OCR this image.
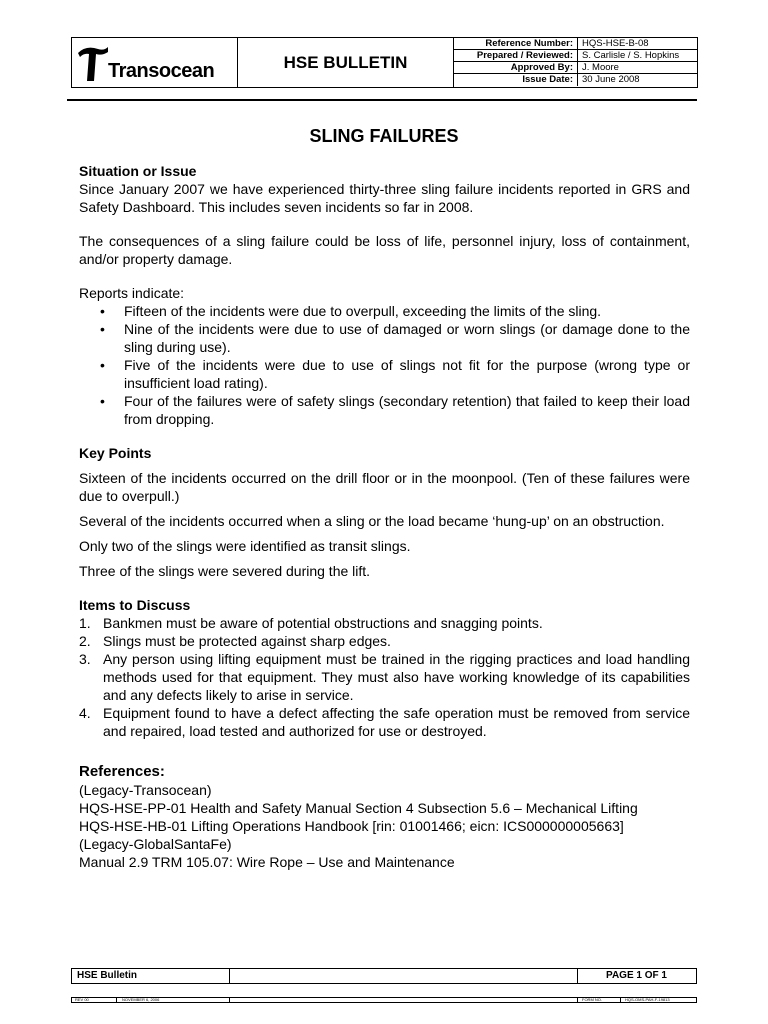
Transocean	HSE BULLETIN
Reference Number: HQS-HSE-B-08
Prepared / Reviewed: S. Carlisle / S. Hopkins
Approved By: J. Moore
Issue Date: 30 June 2008
SLING FAILURES

Situation or Issue

Since January 2007 we have experienced thirty-three sling failure incidents reported in GRS and Safety Dashboard. This includes seven incidents so far in 2008.

The consequences of a sling failure could be loss of life, personnel injury, loss of containment, and/or property damage.

Reports indicate:

• Fifteen of the incidents were due to overpull, exceeding the limits of the sling.
• Nine of the incidents were due to use of damaged or worn slings (or damage done to the sling during use).
• Five of the incidents were due to use of slings not fit for the purpose (wrong type or insufficient load rating).
• Four of the failures were of safety slings (secondary retention) that failed to keep their load from dropping.

Key Points

Sixteen of the incidents occurred on the drill floor or in the moonpool. (Ten of these failures were due to overpull.)

Several of the incidents occurred when a sling or the load became ‘hung-up’ on an obstruction.

Only two of the slings were identified as transit slings.

Three of the slings were severed during the lift.

Items to Discuss

1. Bankmen must be aware of potential obstructions and snagging points.
2. Slings must be protected against sharp edges.
3. Any person using lifting equipment must be trained in the rigging practices and load handling methods used for that equipment. They must also have working knowledge of its capabilities and any defects likely to arise in service.
4. Equipment found to have a defect affecting the safe operation must be removed from service and repaired, load tested and authorized for use or destroyed.

References:

(Legacy-Transocean)

HQS-HSE-PP-01 Health and Safety Manual Section 4 Subsection 5.6 – Mechanical Lifting

HQS-HSE-HB-01 Lifting Operations Handbook [rin: 01001466; eicn: ICS000000005663]

(Legacy-GlobalSantaFe)

Manual 2.9 TRM 105.07: Wire Rope – Use and Maintenance

HSE Bulletin	PAGE 1 OF 1
REV 00	NOVEMBER 6, 2006	FORM NO.	HQS-OMS-PAH-F-19813
